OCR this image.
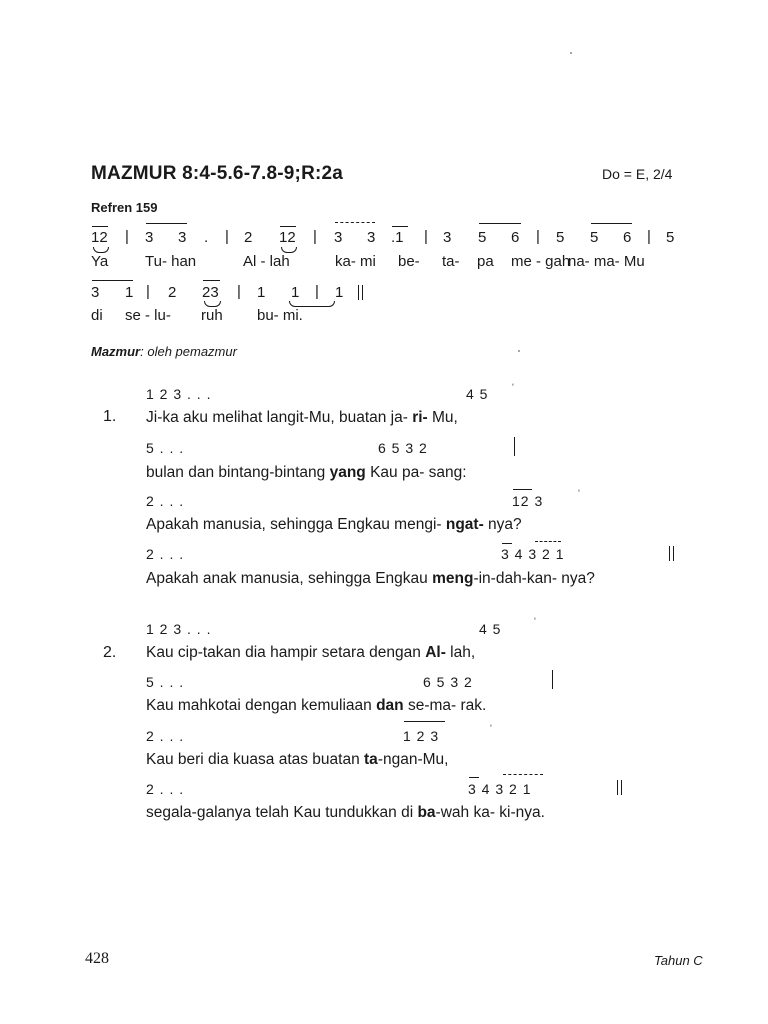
MAZMUR 8:4-5.6-7.8-9;R:2a	Do = E, 2/4
Refren 159
12 | 3 3 . | 2 12 | 3 3 .1 | 3 5 6 | 5 5 6 | 5
Ya Tu- han	Al - lah	ka- mi be- ta- pa me - gah
na- ma- Mu
3 1 | 2 23 | 1 1 | 1
di se - lu- ruh bu- mi.
Mazmur: oleh pemazmur
1.
1 2 3 . . .	4 5	‘
Ji-ka aku melihat langit-Mu, buatan ja- ri- Mu,
5 . . .	6 5 3 2
bulan dan bintang-bintang yang Kau pa- sang:
2 . . .	12 3	‘
Apakah manusia, sehingga Engkau mengi- ngat- nya?
2 . . .	3 4 3 2 1
Apakah anak manusia, sehingga Engkau meng-in-dah-kan- nya?
2.
1 2 3 . . .	4 5	‘
Kau cip-takan dia hampir setara dengan Al- lah,
5 . . .	6 5 3 2
Kau mahkotai dengan kemuliaan dan se-ma- rak.
2 . . .	1 2 3	‘
Kau beri dia kuasa atas buatan ta-ngan-Mu,
2 . . .	3 4 3 2 1
segala-galanya telah Kau tundukkan di ba-wah ka- ki-nya.
428	Tahun C
